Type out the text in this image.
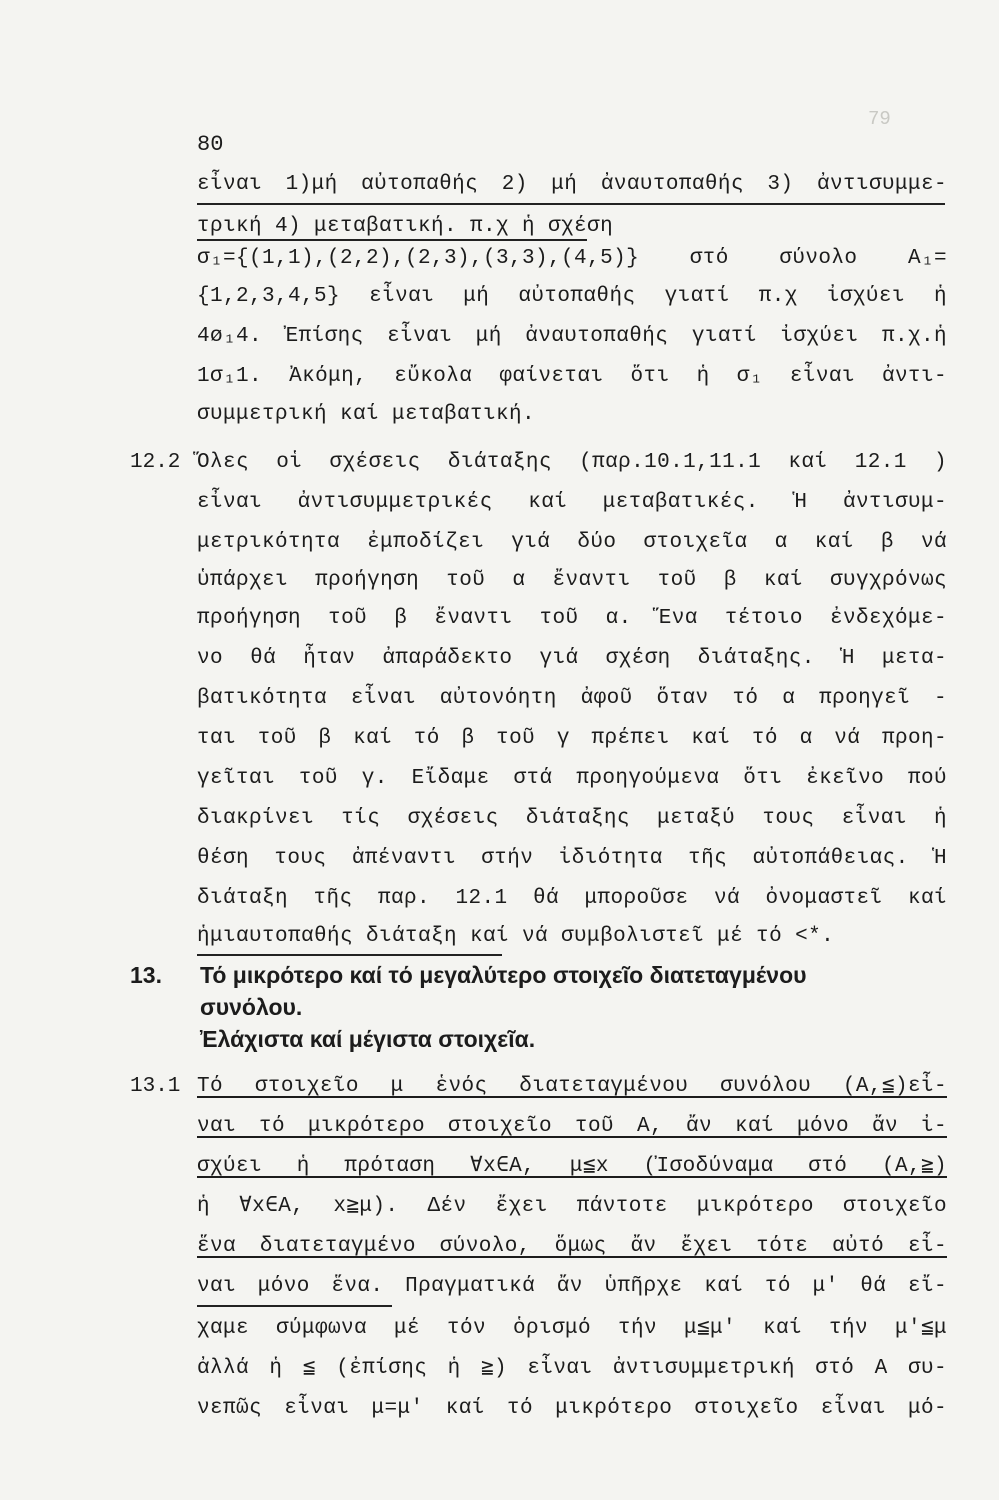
79
80
εἶναι 1)μή αὐτοπαθής 2) μή ἀναυτοπαθής 3) ἀντισυμμε-
τρική 4) μεταβατική. π.χ ἡ σχέση
σ₁={(1,1),(2,2),(2,3),(3,3),(4,5)} στό σύνολο A₁=
{1,2,3,4,5} εἶναι μή αὐτοπαθής γιατί π.χ ἰσχύει ἡ
4ø₁4. Ἐπίσης εἶναι μή ἀναυτοπαθής γιατί ἰσχύει π.χ.ἡ
1σ₁1. Ἀκόμη, εὔκολα φαίνεται ὅτι ἡ σ₁ εἶναι ἀντι-
συμμετρική καί μεταβατική.
12.2 Ὅλες οἱ σχέσεις διάταξης (παρ.10.1,11.1 καί 12.1 )
εἶναι ἀντισυμμετρικές καί μεταβατικές. Ἡ ἀντισυμ-
μετρικότητα ἐμποδίζει γιά δύο στοιχεῖα α καί β νά
ὑπάρχει προήγηση τοῦ α ἔναντι τοῦ β καί συγχρόνως
προήγηση τοῦ β ἔναντι τοῦ α. Ἕνα τέτοιο ἐνδεχόμε-
νο θά ἦταν ἀπαράδεκτο γιά σχέση διάταξης. Ἡ μετα-
βατικότητα εἶναι αὐτονόητη ἀφοῦ ὅταν τό α προηγεῖ -
ται τοῦ β καί τό β τοῦ γ πρέπει καί τό α νά προη-
γεῖται τοῦ γ. Εἴδαμε στά προηγούμενα ὅτι ἐκεῖνο πού
διακρίνει τίς σχέσεις διάταξης μεταξύ τους εἶναι ἡ
θέση τους ἀπέναντι στήν ἰδιότητα τῆς αὐτοπάθειας. Ἡ
διάταξη τῆς παρ. 12.1 θά μποροῦσε νά ὀνομαστεῖ καί
ἡμιαυτοπαθής διάταξη καί νά συμβολιστεῖ μέ τό <*.
13. Τό μικρότερο καί τό μεγαλύτερο στοιχεῖο διατεταγμένου
συνόλου.
Ἐλάχιστα καί μέγιστα στοιχεῖα.
13.1 Τό στοιχεῖο μ ἑνός διατεταγμένου συνόλου (A,≦)εἶ-
ναι τό μικρότερο στοιχεῖο τοῦ A, ἄν καί μόνο ἄν ἰ-
σχύει ἡ πρόταση ∀x∈A, μ≦x (Ἰσοδύναμα στό (A,≧)
ἡ ∀x∈A, x≧μ). Δέν ἔχει πάντοτε μικρότερο στοιχεῖο
ἕνα διατεταγμένο σύνολο, ὅμως ἄν ἔχει τότε αὐτό εἶ-
ναι μόνο ἕνα. Πραγματικά ἄν ὑπῆρχε καί τό μ' θά εἴ-
χαμε σύμφωνα μέ τόν ὁρισμό τήν μ≦μ' καί τήν μ'≦μ
ἀλλά ἡ ≦ (ἐπίσης ἡ ≧) εἶναι ἀντισυμμετρική στό A συ-
νεπῶς εἶναι μ=μ' καί τό μικρότερο στοιχεῖο εἶναι μό-
